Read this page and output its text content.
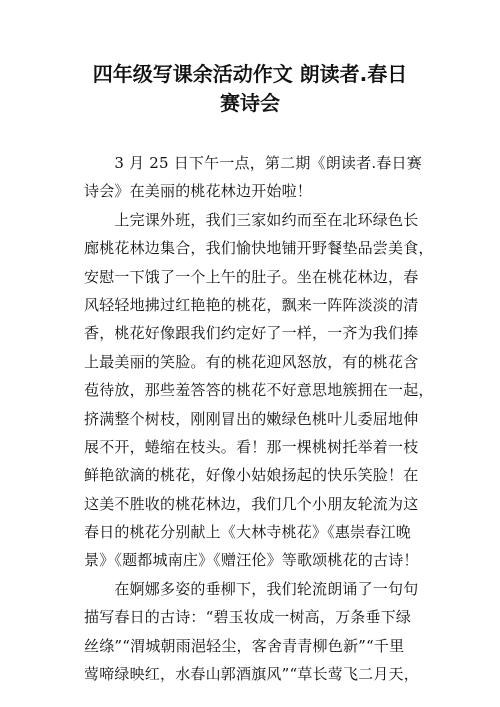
四年级写课余活动作文 朗读者.春日
赛诗会
　　3 月 25 日下午一点，第二期《朗读者.春日赛
诗会》在美丽的桃花林边开始啦！
　　上完课外班，我们三家如约而至在北环绿色长
廊桃花林边集合，我们愉快地铺开野餐垫品尝美食，
安慰一下饿了一个上午的肚子。坐在桃花林边，春
风轻轻地拂过红艳艳的桃花，飘来一阵阵淡淡的清
香，桃花好像跟我们约定好了一样，一齐为我们捧
上最美丽的笑脸。有的桃花迎风怒放，有的桃花含
苞待放，那些羞答答的桃花不好意思地簇拥在一起，
挤满整个树枝，刚刚冒出的嫩绿色桃叶儿委屈地伸
展不开，蜷缩在枝头。看！那一棵桃树托举着一枝
鲜艳欲滴的桃花，好像小姑娘扬起的快乐笑脸！在
这美不胜收的桃花林边，我们几个小朋友轮流为这
春日的桃花分别献上《大林寺桃花》《惠崇春江晚
景》《题都城南庄》《赠汪伦》等歌颂桃花的古诗！
　　在婀娜多姿的垂柳下，我们轮流朗诵了一句句
描写春日的古诗：“碧玉妆成一树高，万条垂下绿
丝绦”“渭城朝雨浥轻尘，客舍青青柳色新”“千里
莺啼绿映红，水春山郭酒旗风”“草长莺飞二月天，
